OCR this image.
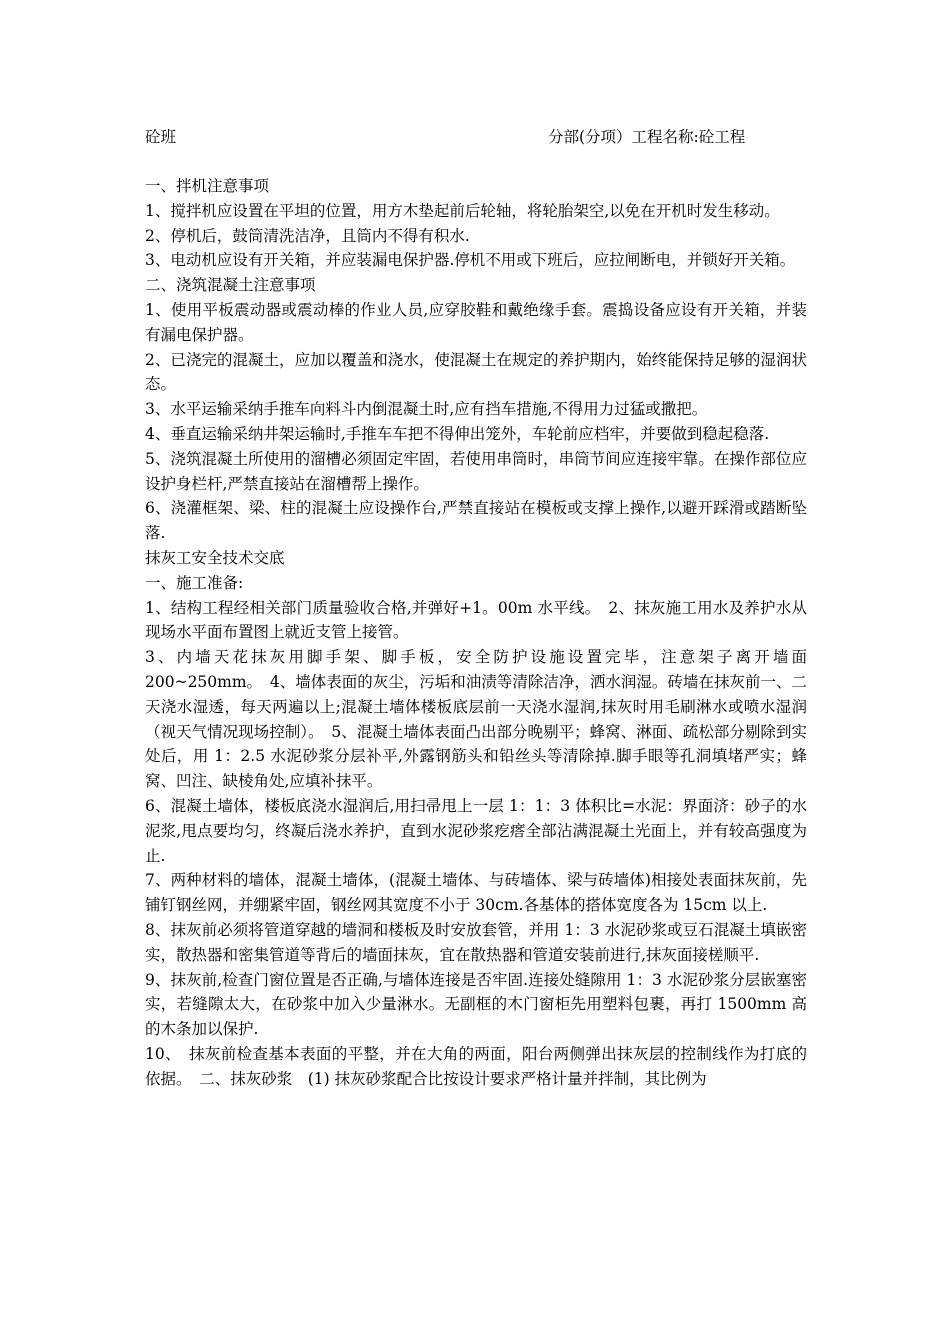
砼班	分部(分项）工程名称:砼工程

一、拌机注意事项

1、搅拌机应设置在平坦的位置，用方木垫起前后轮轴，将轮胎架空,以免在开机时发生移动。

2、停机后，鼓筒清洗洁净，且筒内不得有积水.

3、电动机应设有开关箱，并应装漏电保护器.停机不用或下班后，应拉闸断电，并锁好开关箱。

二、浇筑混凝土注意事项

1、使用平板震动器或震动棒的作业人员,应穿胶鞋和戴绝缘手套。震捣设备应设有开关箱，并装有漏电保护器。

2、已浇完的混凝土，应加以覆盖和浇水，使混凝土在规定的养护期内，始终能保持足够的湿润状态。

3、水平运输采纳手推车向料斗内倒混凝土时,应有挡车措施,不得用力过猛或撒把。

4、垂直运输采纳井架运输时,手推车车把不得伸出笼外，车轮前应档牢，并要做到稳起稳落.

5、浇筑混凝土所使用的溜槽必须固定牢固，若使用串筒时，串筒节间应连接牢靠。在操作部位应设护身栏杆,严禁直接站在溜槽帮上操作。

6、浇灌框架、梁、柱的混凝土应设操作台,严禁直接站在模板或支撑上操作,以避开踩滑或踏断坠落.

抹灰工安全技术交底

一、施工准备:

1、结构工程经相关部门质量验收合格,并弹好+1。00m 水平线。　2、抹灰施工用水及养护水从现场水平面布置图上就近支管上接管。

3、内墙天花抹灰用脚手架、脚手板，安全防护设施设置完毕，注意架子离开墙面 200~250mm。　4、墙体表面的灰尘，污垢和油渍等清除洁净，洒水润湿。砖墙在抹灰前一、二天浇水湿透，每天两遍以上;混凝土墙体楼板底层前一天浇水湿润,抹灰时用毛刷淋水或喷水湿润（视天气情况现场控制）。　5、混凝土墙体表面凸出部分晚剔平；蜂窝、淋面、疏松部分剔除到实处后，用 1：2.5 水泥砂浆分层补平,外露钢筋头和铅丝头等清除掉.脚手眼等孔洞填堵严实；蜂窝、凹注、缺棱角处,应填补抹平。

6、混凝土墙体，楼板底浇水湿润后,用扫帚甩上一层 1：1：3 体积比=水泥：界面济：砂子的水泥浆,甩点要均匀，终凝后浇水养护，直到水泥砂浆疙瘩全部沾满混凝土光面上，并有较高强度为止.

7、两种材料的墙体，混凝土墙体，(混凝土墙体、与砖墙体、梁与砖墙体)相接处表面抹灰前，先铺钉钢丝网，并绷紧牢固，钢丝网其宽度不小于 30cm.各基体的搭体宽度各为 15cm 以上.

8、抹灰前必须将管道穿越的墙洞和楼板及时安放套管，并用 1：3 水泥砂浆或豆石混凝土填嵌密实，散热器和密集管道等背后的墙面抹灰，宜在散热器和管道安装前进行,抹灰面接槎顺平.

9、抹灰前,检查门窗位置是否正确,与墙体连接是否牢固.连接处缝隙用 1：3 水泥砂浆分层嵌塞密实，若缝隙太大，在砂浆中加入少量淋水。无副框的木门窗柜先用塑料包裹，再打 1500mm 高的木条加以保护.

10、　抹灰前检查基本表面的平整，并在大角的两面，阳台两侧弹出抹灰层的控制线作为打底的依据。　二、抹灰砂浆　(1) 抹灰砂浆配合比按设计要求严格计量并拌制，其比例为
